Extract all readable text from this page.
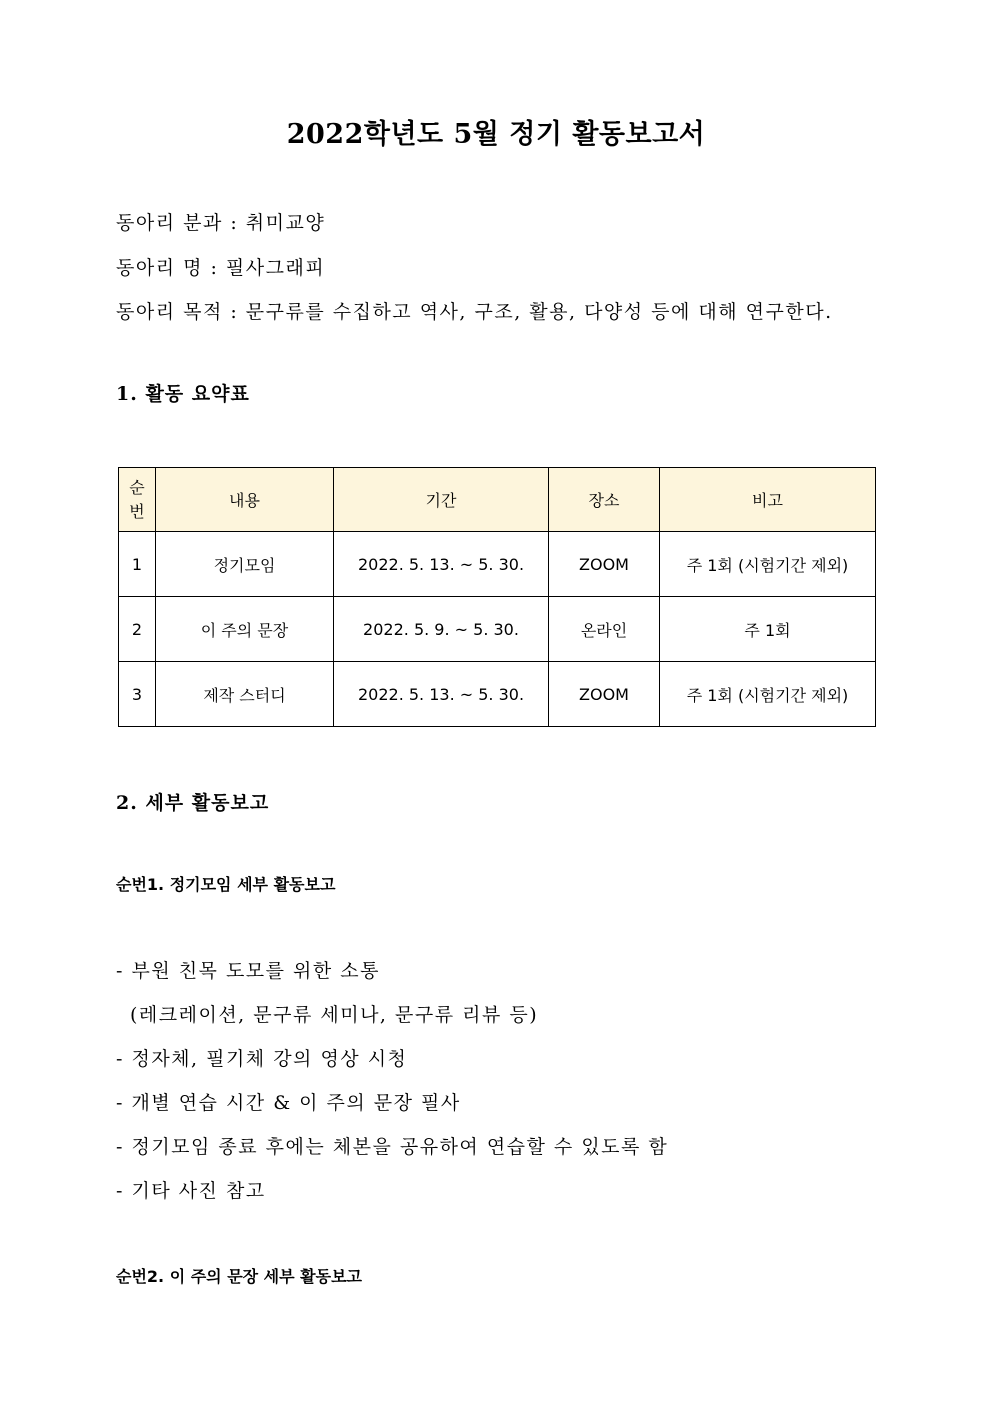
2022학년도 5월 정기 활동보고서
동아리 분과 : 취미교양
동아리 명 : 필사그래피
동아리 목적 : 문구류를 수집하고 역사, 구조, 활용, 다양성 등에 대해 연구한다.
1. 활동 요약표
순
번	내용	기간	장소	비고
1	정기모임	2022. 5. 13. ~ 5. 30.	ZOOM	주 1회 (시험기간 제외)
2	이 주의 문장	2022. 5. 9. ~ 5. 30.	온라인	주 1회
3	제작 스터디	2022. 5. 13. ~ 5. 30.	ZOOM	주 1회 (시험기간 제외)
2. 세부 활동보고
순번1. 정기모임 세부 활동보고
- 부원 친목 도모를 위한 소통
(레크레이션, 문구류 세미나, 문구류 리뷰 등)
- 정자체, 필기체 강의 영상 시청
- 개별 연습 시간 & 이 주의 문장 필사
- 정기모임 종료 후에는 체본을 공유하여 연습할 수 있도록 함
- 기타 사진 참고
순번2. 이 주의 문장 세부 활동보고
